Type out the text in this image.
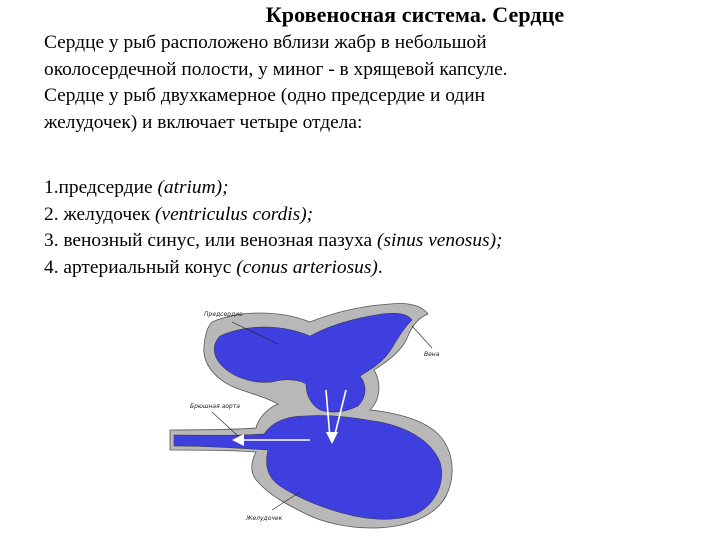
Кровеносная система. Сердце

Сердце у рыб расположено вблизи жабр в небольшой

околосердечной полости, у миног - в хрящевой капсуле.

Сердце у рыб двухкамерное (одно предсердие и один

желудочек) и включает четыре отдела:

1.предсердие (atrium);
2. желудочек (ventriculus cordis);
3. венозный синус, или венозная пазуха (sinus venosus);
4. артериальный конус (conus arteriosus).
Предсердие
Вена
Брюшная аорта
Желудочек
